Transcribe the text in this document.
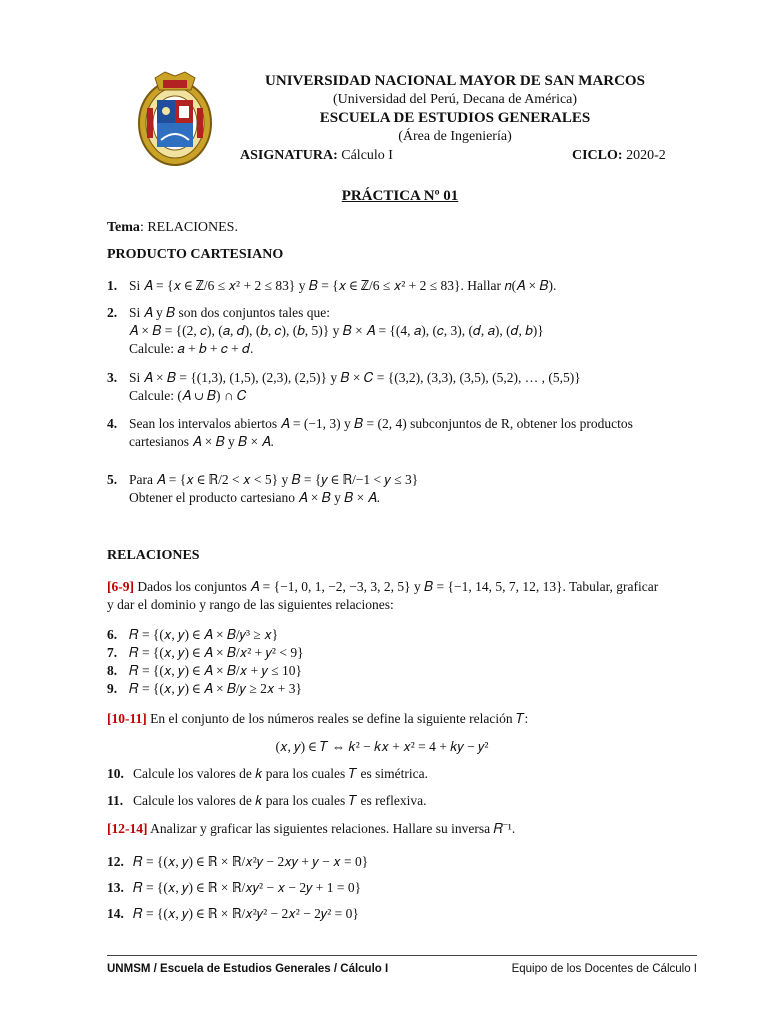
UNIVERSIDAD NACIONAL MAYOR DE SAN MARCOS
(Universidad del Perú, Decana de América)
ESCUELA DE ESTUDIOS GENERALES
(Área de Ingeniería)
ASIGNATURA: Cálculo I	CICLO: 2020-2
PRÁCTICA Nº 01
Tema: RELACIONES.
PRODUCTO CARTESIANO
1. Si 𝐴 = {𝑥 ∈ ℤ/6 ≤ 𝑥² + 2 ≤ 83} y 𝐵 = {𝑥 ∈ ℤ/6 ≤ 𝑥² + 2 ≤ 83}. Hallar 𝑛(𝐴 × 𝐵).
2. Si 𝐴 y 𝐵 son dos conjuntos tales que:
𝐴 × 𝐵 = {(2, 𝑐), (𝑎, 𝑑), (𝑏, 𝑐), (𝑏, 5)} y 𝐵 × 𝐴 = {(4, 𝑎), (𝑐, 3), (𝑑, 𝑎), (𝑑, 𝑏)}
Calcule: 𝑎 + 𝑏 + 𝑐 + 𝑑.
3. Si 𝐴 × 𝐵 = {(1,3), (1,5), (2,3), (2,5)} y 𝐵 × 𝐶 = {(3,2), (3,3), (3,5), (5,2), … , (5,5)}
Calcule: (𝐴 ∪ 𝐵) ∩ 𝐶
4. Sean los intervalos abiertos 𝐴 = (−1, 3) y 𝐵 = (2, 4) subconjuntos de R, obtener los productos
cartesianos 𝐴 × 𝐵 y 𝐵 × 𝐴.
5. Para 𝐴 = {𝑥 ∈ ℝ/2 < 𝑥 < 5} y 𝐵 = {𝑦 ∈ ℝ/−1 < 𝑦 ≤ 3}
Obtener el producto cartesiano 𝐴 × 𝐵 y 𝐵 × 𝐴.
RELACIONES
[6-9] Dados los conjuntos 𝐴 = {−1, 0, 1, −2, −3, 3, 2, 5} y 𝐵 = {−1, 14, 5, 7, 12, 13}. Tabular, graficar
y dar el dominio y rango de las siguientes relaciones:
6. 𝑅 = {(𝑥, 𝑦) ∈ 𝐴 × 𝐵/𝑦³ ≥ 𝑥}
7. 𝑅 = {(𝑥, 𝑦) ∈ 𝐴 × 𝐵/𝑥² + 𝑦² < 9}
8. 𝑅 = {(𝑥, 𝑦) ∈ 𝐴 × 𝐵/𝑥 + 𝑦 ≤ 10}
9. 𝑅 = {(𝑥, 𝑦) ∈ 𝐴 × 𝐵/𝑦 ≥ 2𝑥 + 3}
[10-11] En el conjunto de los números reales se define la siguiente relación 𝑇:
(𝑥, 𝑦) ∈ 𝑇 ⇔ 𝑘² − 𝑘𝑥 + 𝑥² = 4 + 𝑘𝑦 − 𝑦²
10. Calcule los valores de 𝑘 para los cuales 𝑇 es simétrica.
11. Calcule los valores de 𝑘 para los cuales 𝑇 es reflexiva.
[12-14] Analizar y graficar las siguientes relaciones. Hallare su inversa 𝑅⁻¹.
12. 𝑅 = {(𝑥, 𝑦) ∈ ℝ × ℝ/𝑥²𝑦 − 2𝑥𝑦 + 𝑦 − 𝑥 = 0}
13. 𝑅 = {(𝑥, 𝑦) ∈ ℝ × ℝ/𝑥𝑦² − 𝑥 − 2𝑦 + 1 = 0}
14. 𝑅 = {(𝑥, 𝑦) ∈ ℝ × ℝ/𝑥²𝑦² − 2𝑥² − 2𝑦² = 0}
UNMSM / Escuela de Estudios Generales / Cálculo I	Equipo de los Docentes de Cálculo I
